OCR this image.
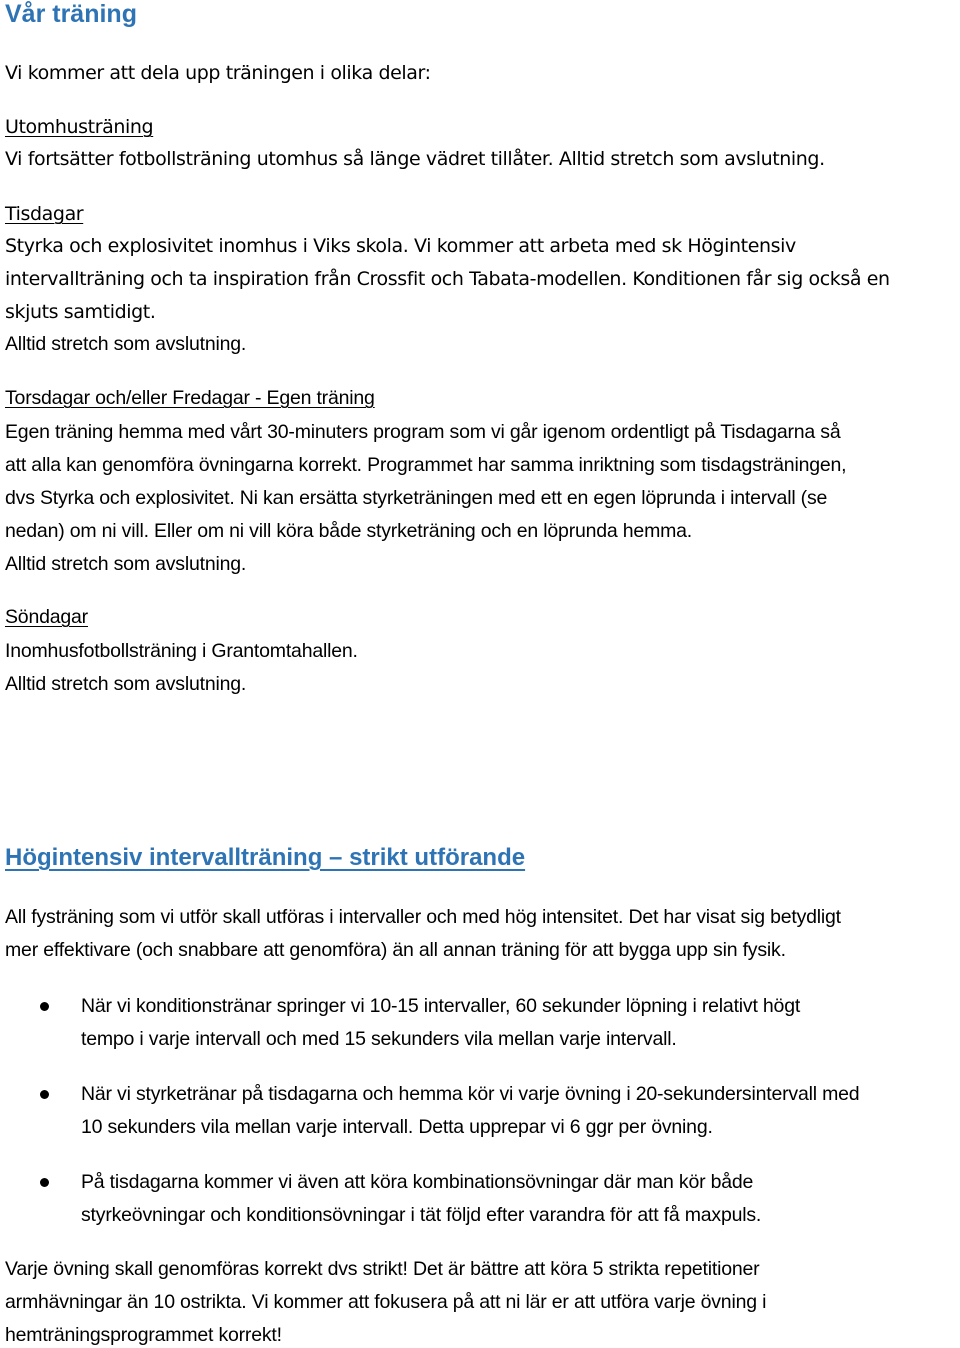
Vår träning
Vi kommer att dela upp träningen i olika delar:
Utomhusträning
Vi fortsätter fotbollsträning utomhus så länge vädret tillåter. Alltid stretch som avslutning.
Tisdagar
Styrka och explosivitet inomhus i Viks skola. Vi kommer att arbeta med sk Högintensiv
intervallträning och ta inspiration från Crossfit och Tabata-modellen. Konditionen får sig också en
skjuts samtidigt.
Alltid stretch som avslutning.
Torsdagar och/eller Fredagar - Egen träning
Egen träning hemma med vårt 30-minuters program som vi går igenom ordentligt på Tisdagarna så
att alla kan genomföra övningarna korrekt. Programmet har samma inriktning som tisdagsträningen,
dvs Styrka och explosivitet. Ni kan ersätta styrketräningen med ett en egen löprunda i intervall (se
nedan) om ni vill. Eller om ni vill köra både styrketräning och en löprunda hemma.
Alltid stretch som avslutning.
Söndagar
Inomhusfotbollsträning i Grantomtahallen.
Alltid stretch som avslutning.
Högintensiv intervallträning – strikt utförande
All fysträning som vi utför skall utföras i intervaller och med hög intensitet. Det har visat sig betydligt
mer effektivare (och snabbare att genomföra) än all annan träning för att bygga upp sin fysik.
När vi konditionstränar springer vi 10-15 intervaller, 60 sekunder löpning i relativt högt
tempo i varje intervall och med 15 sekunders vila mellan varje intervall.
När vi styrketränar på tisdagarna och hemma kör vi varje övning i 20-sekundersintervall med
10 sekunders vila mellan varje intervall. Detta upprepar vi 6 ggr per övning.
På tisdagarna kommer vi även att köra kombinationsövningar där man kör både
styrkeövningar och konditionsövningar i tät följd efter varandra för att få maxpuls.
Varje övning skall genomföras korrekt dvs strikt! Det är bättre att köra 5 strikta repetitioner
armhävningar än 10 ostrikta. Vi kommer att fokusera på att ni lär er att utföra varje övning i
hemträningsprogrammet korrekt!
